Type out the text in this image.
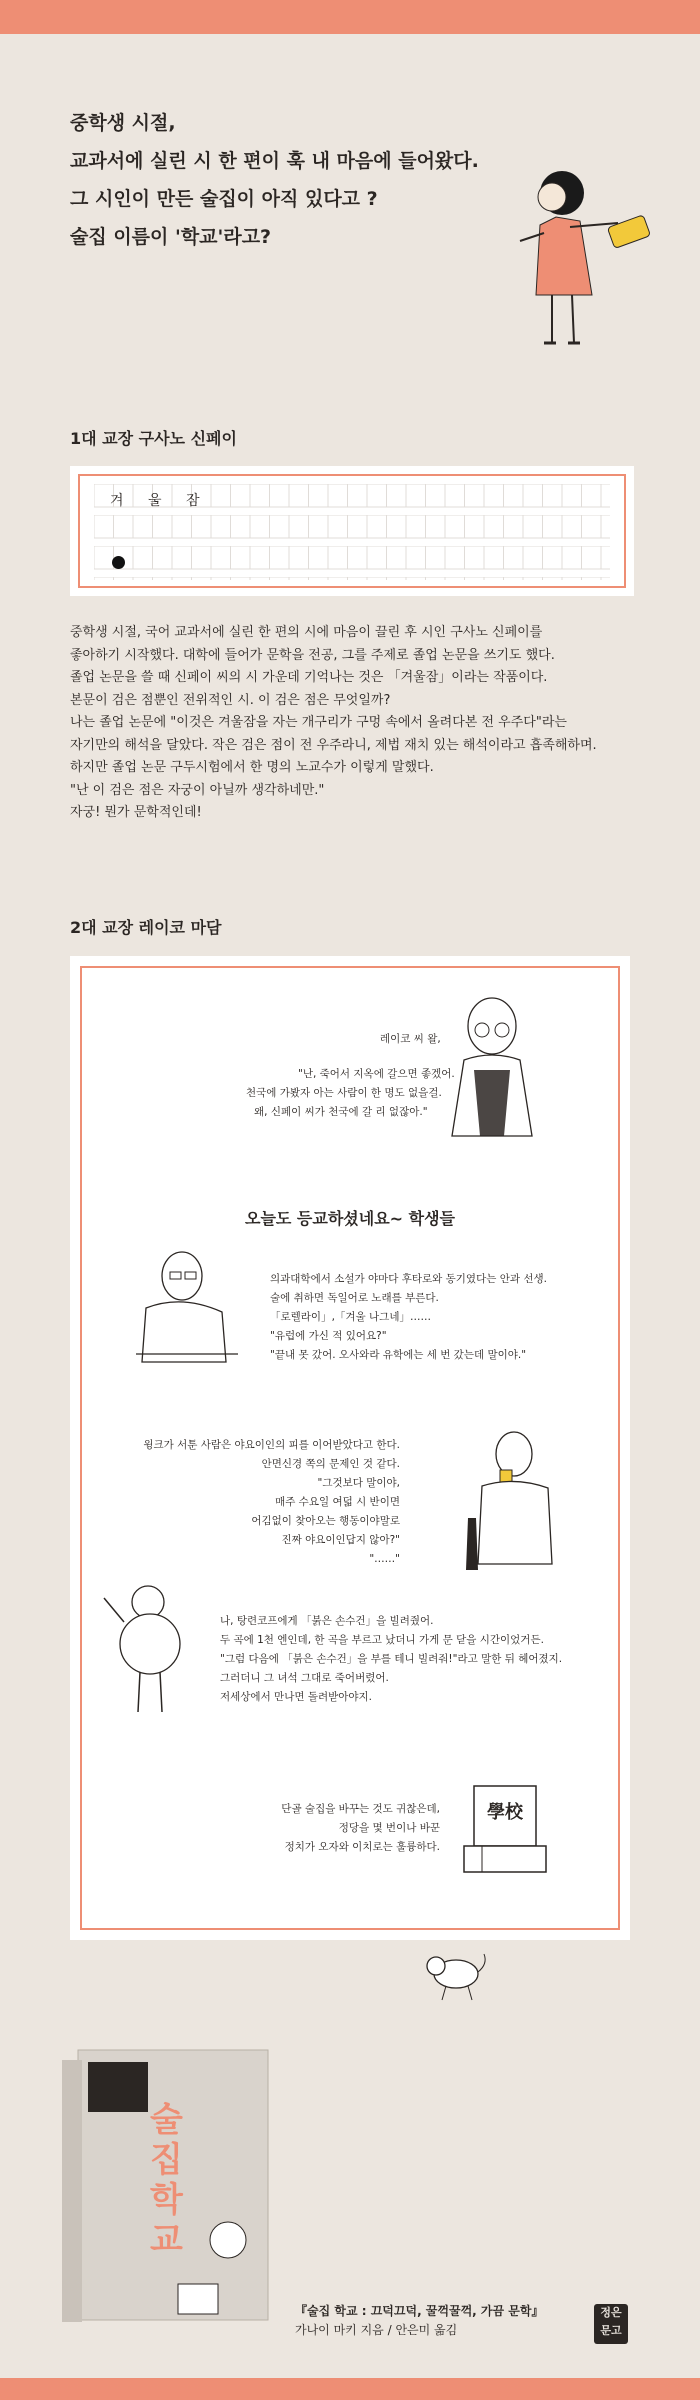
중학생 시절,
교과서에 실린 시 한 편이 훅 내 마음에 들어왔다.
그 시인이 만든 술집이 아직 있다고 ?
술집 이름이 '학교'라고?
1대 교장 구사노 신페이
겨 울 잠
중학생 시절, 국어 교과서에 실린 한 편의 시에 마음이 끌린 후 시인 구사노 신페이를
좋아하기 시작했다. 대학에 들어가 문학을 전공, 그를 주제로 졸업 논문을 쓰기도 했다.
졸업 논문을 쓸 때 신페이 씨의 시 가운데 기억나는 것은 「겨울잠」이라는 작품이다.
본문이 검은 점뿐인 전위적인 시. 이 검은 점은 무엇일까?
나는 졸업 논문에 "이것은 겨울잠을 자는 개구리가 구멍 속에서 올려다본 전 우주다"라는
자기만의 해석을 달았다. 작은 검은 점이 전 우주라니, 제법 재치 있는 해석이라고 흡족해하며.
하지만 졸업 논문 구두시험에서 한 명의 노교수가 이렇게 말했다.
"난 이 검은 점은 자궁이 아닐까 생각하네만."
자궁! 뭔가 문학적인데!
2대 교장 레이코 마담
레이코 씨 왈,
"난, 죽어서 지옥에 갈으면 좋겠어.
천국에 가봤자 아는 사람이 한 명도 없을걸.
왜, 신페이 씨가 천국에 갈 리 없잖아."
오늘도 등교하셨네요~ 학생들
의과대학에서 소설가 야마다 후타로와 동기였다는 안과 선생.
술에 취하면 독일어로 노래를 부른다.
「로렐라이」,「겨울 나그네」……
"유럽에 가신 적 있어요?"
"끝내 못 갔어. 오사와라 유학에는 세 번 갔는데 말이야."
윙크가 서툰 사람은 야요이인의 피를 이어받았다고 한다.
안면신경 쪽의 문제인 것 같다.
"그것보다 말이야,
매주 수요일 여덟 시 반이면
어김없이 찾아오는 행동이야말로
진짜 야요이인답지 않아?"
"……"
나, 탕련코프에게 「붉은 손수건」을 빌려줬어.
두 곡에 1천 엔인데, 한 곡을 부르고 났더니 가게 문 닫을 시간이었거든.
"그럼 다음에 「붉은 손수건」을 부를 테니 빌려줘!"라고 말한 뒤 헤어졌지.
그러더니 그 녀석 그대로 죽어버렸어.
저세상에서 만나면 돌려받아야지.
단골 술집을 바꾸는 것도 귀찮은데,
정당을 몇 번이나 바꾼
정치가 오자와 이치로는 훌륭하다.
學校
술집 학교
『술집 학교 : 끄덕끄덕, 꿀꺽꿀꺽, 가끔 문학』
가나이 마키 지음 / 안은미 옮김
정은 문고
